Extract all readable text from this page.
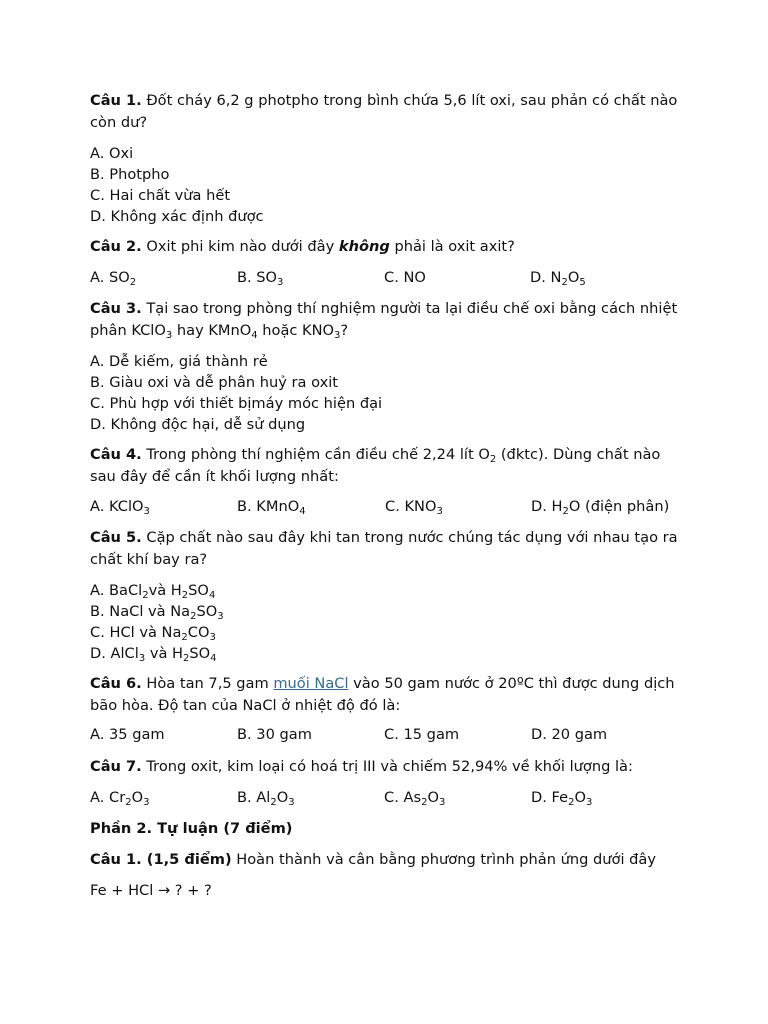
Câu 1. Đốt cháy 6,2 g photpho trong bình chứa 5,6 lít oxi, sau phản có chất nào còn dư?
A. Oxi
B. Photpho
C. Hai chất vừa hết
D. Không xác định được
Câu 2. Oxit phi kim nào dưới đây không phải là oxit axit?
A. $SO_2$	B. $SO_3$	C. NO	D. $N_2O_5$
Câu 3. Tại sao trong phòng thí nghiệm người ta lại điều chế oxi bằng cách nhiệt phân KClO$_3$ hay KMnO$_4$ hoặc $KNO_3$?
A. Dễ kiếm, giá thành rẻ
B. Giàu oxi và dễ phân huỷ ra oxit
C. Phù hợp với thiết bịmáy móc hiện đại
D. Không độc hại, dễ sử dụng
Câu 4. Trong phòng thí nghiệm cần điều chế 2,24 lít $O_2$ (đktc). Dùng chất nào sau đây để cần ít khối lượng nhất:
A. KClO$_3$	B. KMnO$_4$	C. $KNO_3$	D. $H_2O$ (điện phân)
Câu 5. Cặp chất nào sau đây khi tan trong nước chúng tác dụng với nhau tạo ra chất khí bay ra?
A. BaCl$_2$và $H_2SO_4$
B. NaCl và $Na_2SO_3$
C. HCl và $Na_2CO_3$
D. AlCl$_3$ và $H_2SO_4$
Câu 6. Hòa tan 7,5 gam muối NaCl vào 50 gam nước ở 20ºC thì được dung dịch bão hòa. Độ tan của NaCl ở nhiệt độ đó là:
A. 35 gam	B. 30 gam	C. 15 gam	D. 20 gam
Câu 7. Trong oxit, kim loại có hoá trị III và chiếm 52,94% về khối lượng là:
A. $Cr_2O_3$	B. $Al_2O_3$	C. $As_2O_3$	D. $Fe_2O_3$
Phần 2. Tự luận (7 điểm)
Câu 1. (1,5 điểm) Hoàn thành và cân bằng phương trình phản ứng dưới đây
Fe + HCl → ? + ?
